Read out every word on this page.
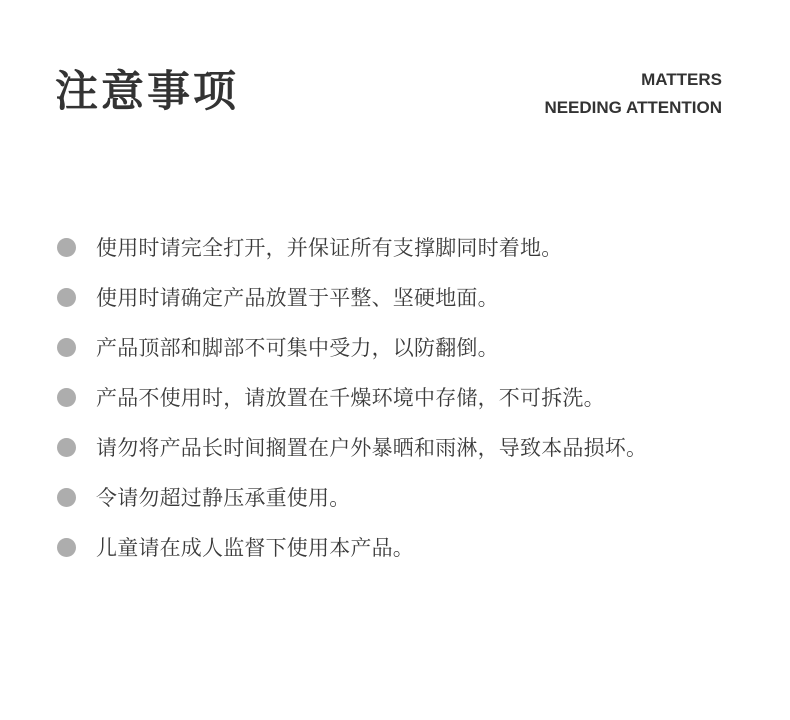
注意事项	MATTERS
NEEDING ATTENTION
使用时请完全打开，并保证所有支撑脚同时着地。
使用时请确定产品放置于平整、坚硬地面。
产品顶部和脚部不可集中受力，以防翻倒。
产品不使用时，请放置在千燥环境中存储，不可拆洗。
请勿将产品长时间搁置在户外暴晒和雨淋，导致本品损坏。
令请勿超过静压承重使用。
儿童请在成人监督下使用本产品。
